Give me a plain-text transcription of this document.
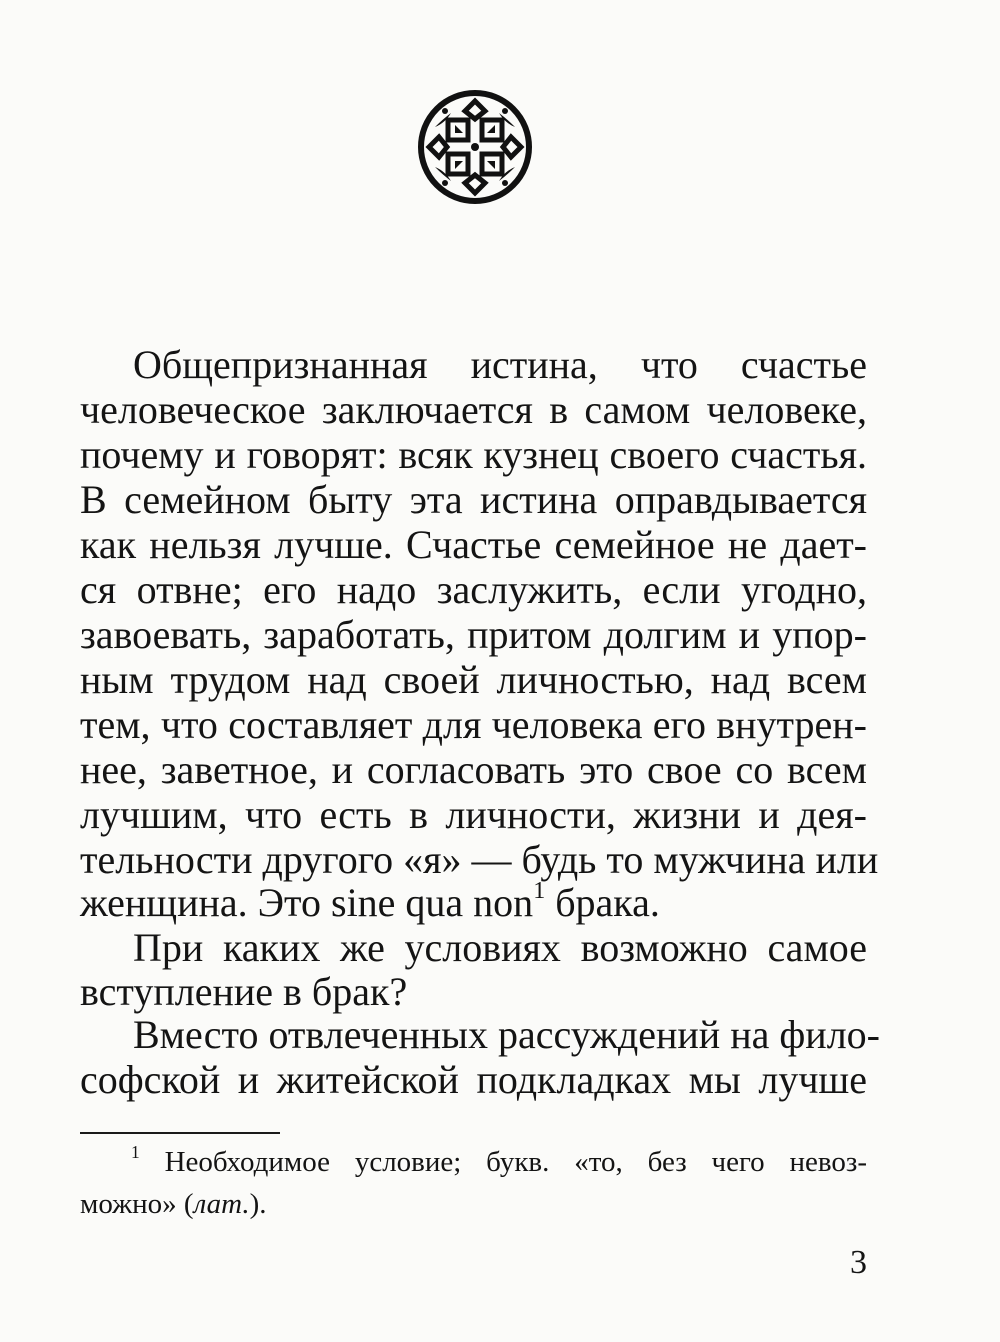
Общепризнанная истина, что счастье
человеческое заключается в самом человеке,
почему и говорят: всяк кузнец своего счастья.
В семейном быту эта истина оправдывается
как нельзя лучше. Счастье семейное не дает-
ся отвне; его надо заслужить, если угодно,
завоевать, заработать, притом долгим и упор-
ным трудом над своей личностью, над всем
тем, что составляет для человека его внутрен-
нее, заветное, и согласовать это свое со всем
лучшим, что есть в личности, жизни и дея-
тельности другого «я» — будь то мужчина или
женщина. Это sine qua non$^1$ брака.
При каких же условиях возможно самое
вступление в брак?
Вместо отвлеченных рассуждений на фило-
софской и житейской подкладках мы лучше
$^1$ Необходимое условие; букв. «то, без чего невоз-
можно» (лат.).
3
